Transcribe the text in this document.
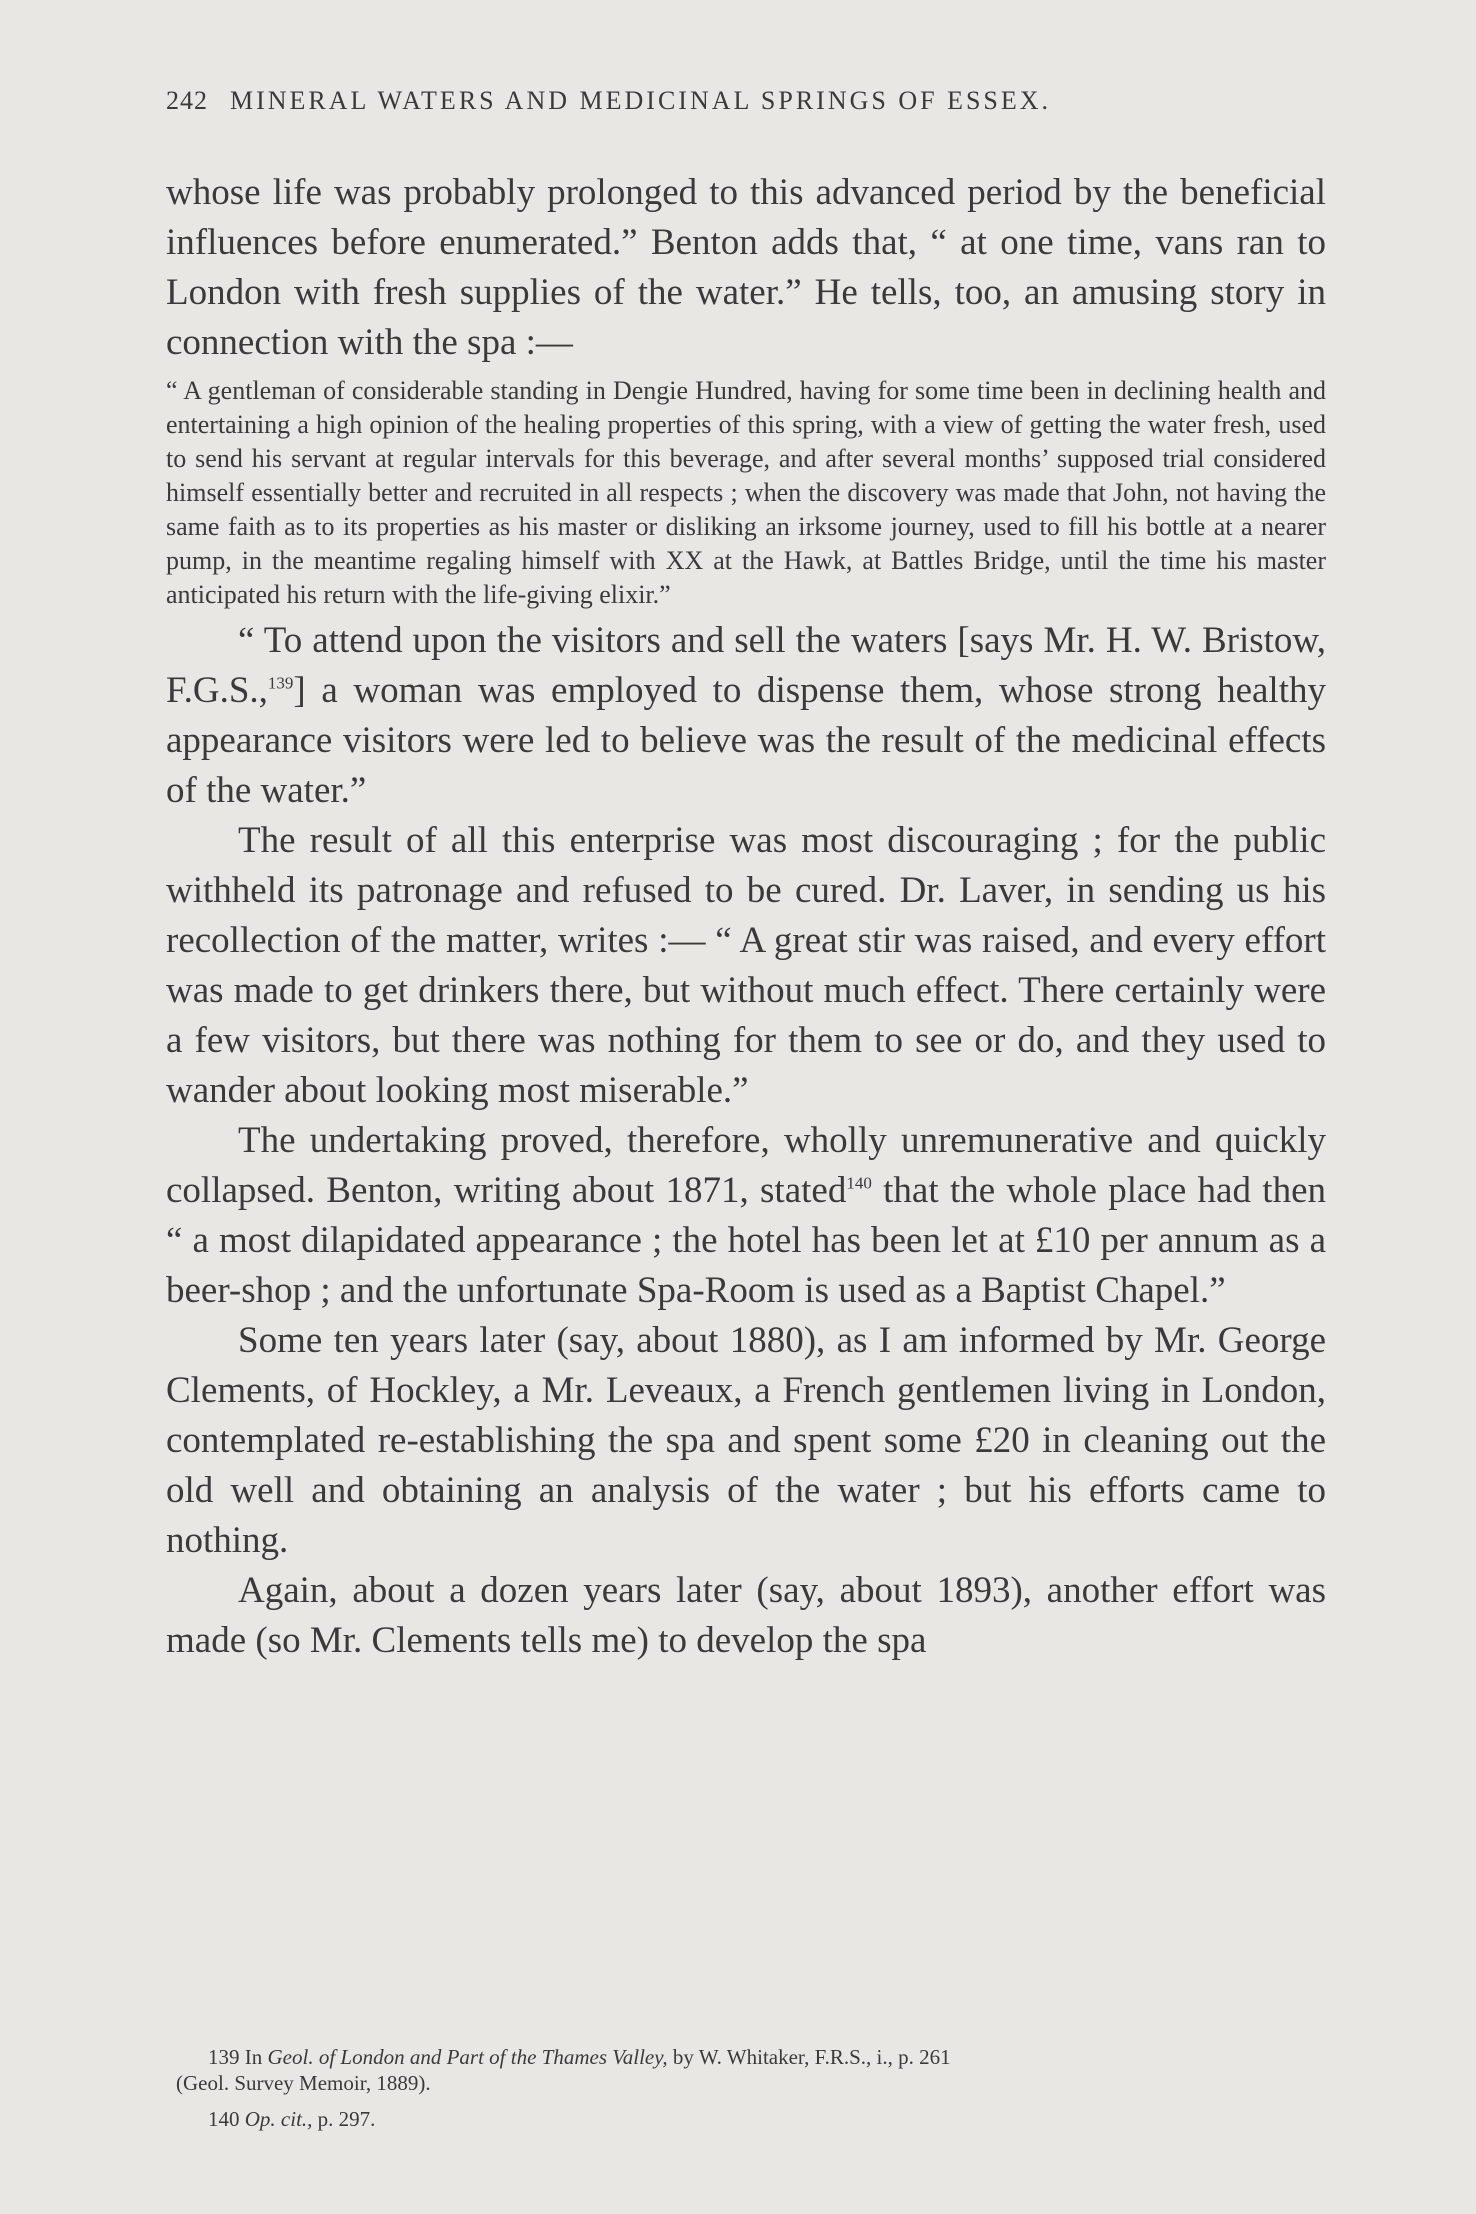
242 MINERAL WATERS AND MEDICINAL SPRINGS OF ESSEX.

whose life was probably prolonged to this advanced period by the beneficial influences before enumerated.” Benton adds that, “ at one time, vans ran to London with fresh supplies of the water.” He tells, too, an amusing story in connection with the spa :—

“ A gentleman of considerable standing in Dengie Hundred, having for some time been in declining health and entertaining a high opinion of the healing properties of this spring, with a view of getting the water fresh, used to send his servant at regular intervals for this beverage, and after several months’ supposed trial considered himself essentially better and recruited in all respects ; when the discovery was made that John, not having the same faith as to its properties as his master or disliking an irksome journey, used to fill his bottle at a nearer pump, in the meantime regaling himself with XX at the Hawk, at Battles Bridge, until the time his master anticipated his return with the life-giving elixir.”

“ To attend upon the visitors and sell the waters [says Mr. H. W. Bristow, F.G.S.,$^{139}$] a woman was employed to dispense them, whose strong healthy appearance visitors were led to believe was the result of the medicinal effects of the water.”

The result of all this enterprise was most discouraging ; for the public withheld its patronage and refused to be cured. Dr. Laver, in sending us his recollection of the matter, writes :— “ A great stir was raised, and every effort was made to get drinkers there, but without much effect. There certainly were a few visitors, but there was nothing for them to see or do, and they used to wander about looking most miserable.”

The undertaking proved, therefore, wholly unremunerative and quickly collapsed. Benton, writing about 1871, stated$^{140}$ that the whole place had then “ a most dilapidated appearance ; the hotel has been let at £10 per annum as a beer-shop ; and the unfortunate Spa-Room is used as a Baptist Chapel.”

Some ten years later (say, about 1880), as I am informed by Mr. George Clements, of Hockley, a Mr. Leveaux, a French gentlemen living in London, contemplated re-establishing the spa and spent some £20 in cleaning out the old well and obtaining an analysis of the water ; but his efforts came to nothing.

Again, about a dozen years later (say, about 1893), another effort was made (so Mr. Clements tells me) to develop the spa

139 In Geol. of London and Part of the Thames Valley, by W. Whitaker, F.R.S., i., p. 261

(Geol. Survey Memoir, 1889).

140 Op. cit., p. 297.
